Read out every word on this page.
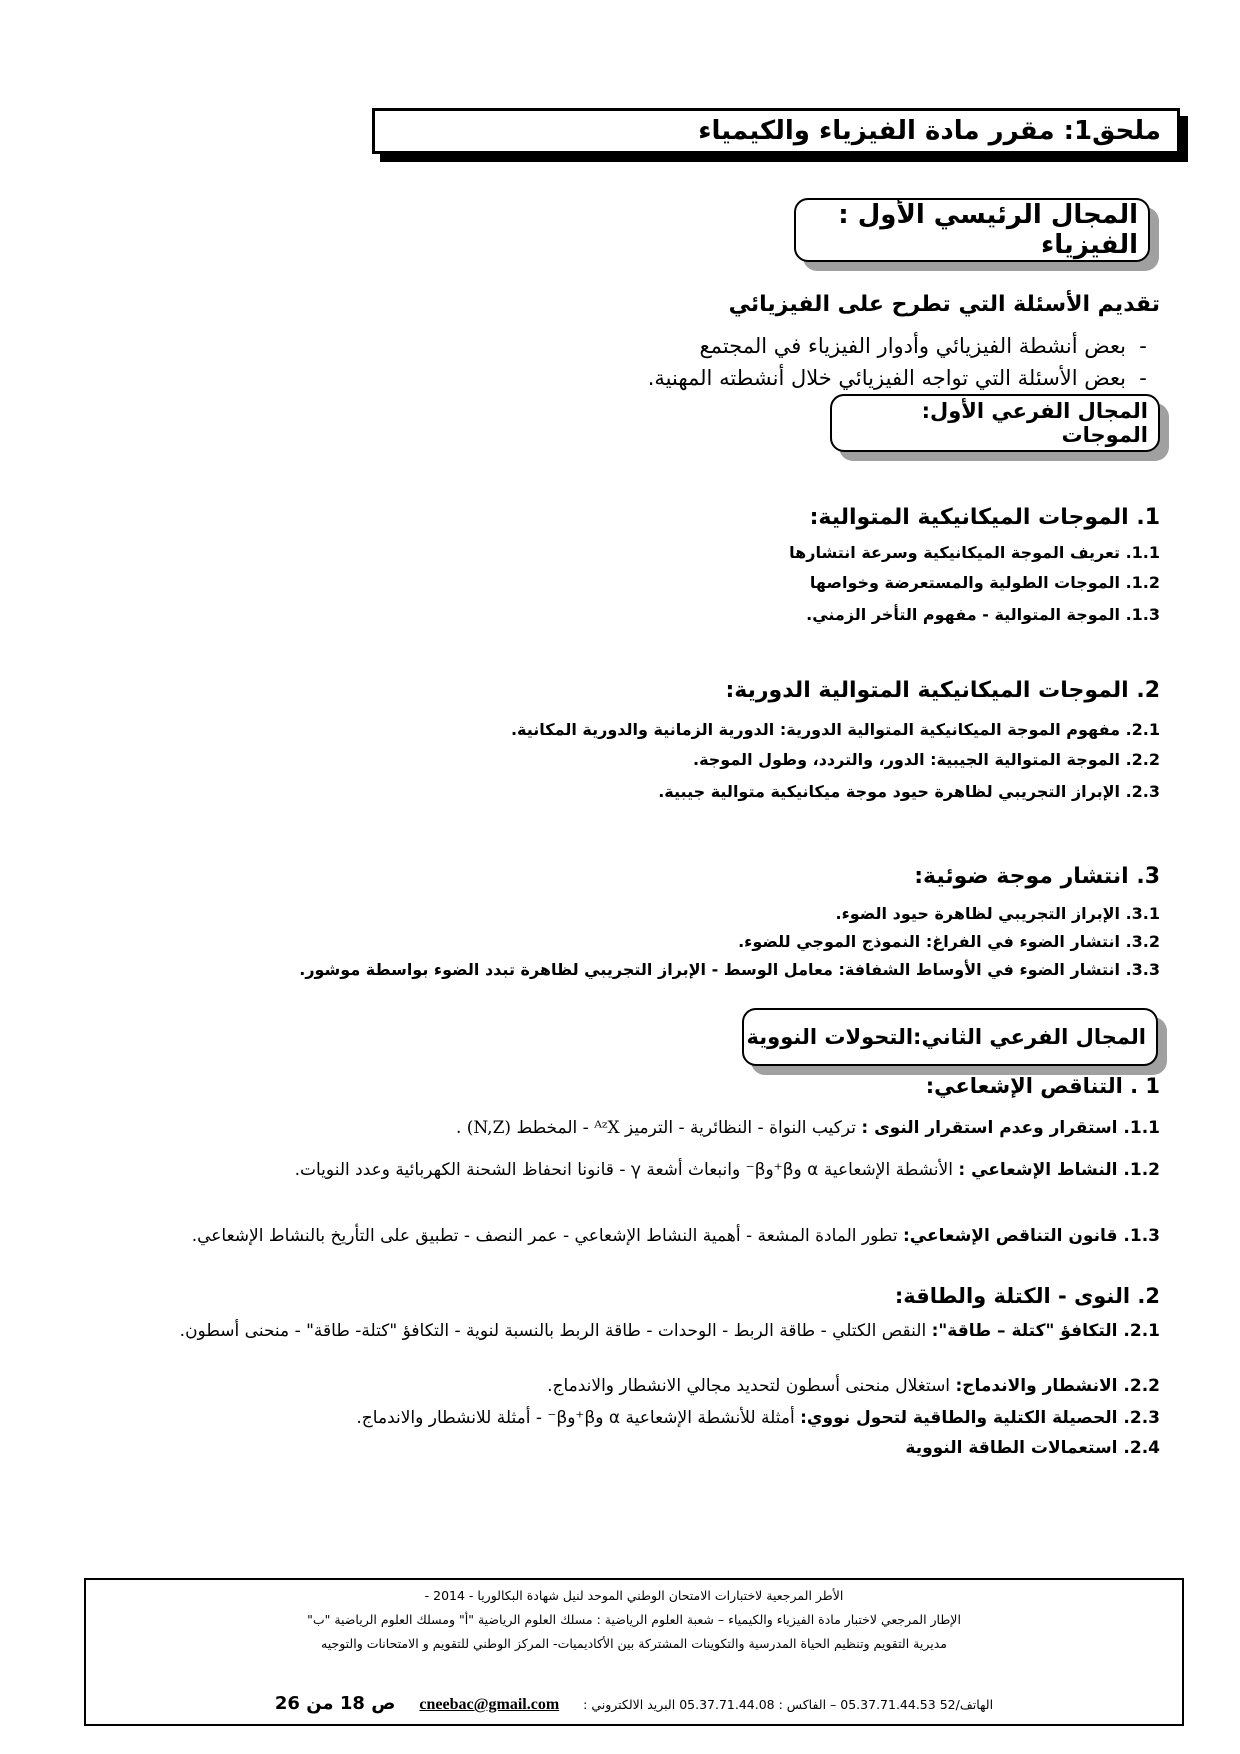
ملحق1: مقرر مادة الفيزياء والكيمياء
المجال الرئيسي الأول : الفيزياء
تقديم الأسئلة التي تطرح على الفيزيائي
-بعض أنشطة الفيزيائي وأدوار الفيزياء في المجتمع
-بعض الأسئلة التي تواجه الفيزيائي خلال أنشطته المهنية.
المجال الفرعي الأول: الموجات
1. الموجات الميكانيكية المتوالية:
1.1. تعريف الموجة الميكانيكية وسرعة انتشارها
1.2. الموجات الطولية والمستعرضة وخواصها
1.3. الموجة المتوالية - مفهوم التأخر الزمني.
2. الموجات الميكانيكية المتوالية الدورية:
2.1. مفهوم الموجة الميكانيكية المتوالية الدورية: الدورية الزمانية والدورية المكانية.
2.2. الموجة المتوالية الجيبية: الدور، والتردد، وطول الموجة.
2.3. الإبراز التجريبي لظاهرة حيود موجة ميكانيكية متوالية جيبية.
3. انتشار موجة ضوئية:
3.1. الإبراز التجريبي لظاهرة حيود الضوء.
3.2. انتشار الضوء في الفراغ: النموذج الموجي للضوء.
3.3. انتشار الضوء في الأوساط الشفافة: معامل الوسط - الإبراز التجريبي لظاهرة تبدد الضوء بواسطة موشور.
المجال الفرعي الثاني:التحولات النووية
1 . التناقص الإشعاعي:
1.1. استقرار وعدم استقرار النوى : تركيب النواة - النظائرية - الترميز ᴬᶻX - المخطط (N,Z) .
1.2. النشاط الإشعاعي : الأنشطة الإشعاعية α وβ⁺وβ⁻ وانبعاث أشعة γ - قانونا انحفاظ الشحنة الكهربائية وعدد النويات.
1.3. قانون التناقص الإشعاعي: تطور المادة المشعة - أهمية النشاط الإشعاعي - عمر النصف - تطبيق على التأريخ بالنشاط الإشعاعي.
2. النوى - الكتلة والطاقة:
2.1. التكافؤ "كتلة – طاقة": النقص الكتلي - طاقة الربط - الوحدات - طاقة الربط بالنسبة لنوية - التكافؤ "كتلة- طاقة" - منحنى أسطون.
2.2. الانشطار والاندماج: استغلال منحنى أسطون لتحديد مجالي الانشطار والاندماج.
2.3. الحصيلة الكتلية والطاقية لتحول نووي: أمثلة للأنشطة الإشعاعية α وβ⁺وβ⁻ - أمثلة للانشطار والاندماج.
2.4. استعمالات الطاقة النووية
الأطر المرجعية لاختبارات الامتحان الوطني الموحد لنيل شهادة البكالوريا - 2014 -
الإطار المرجعي لاختبار مادة الفيزياء والكيمياء – شعبة العلوم الرياضية : مسلك العلوم الرياضية "أ" ومسلك العلوم الرياضية "ب"
مديرية التقويم وتنظيم الحياة المدرسية والتكوينات المشتركة بين الأكاديميات- المركز الوطني للتقويم و الامتحانات والتوجيه
الهاتف/52 05.37.71.44.53 – الفاكس : 05.37.71.44.08 البريد الالكتروني :
cneebac@gmail.com
ص 18 من 26
